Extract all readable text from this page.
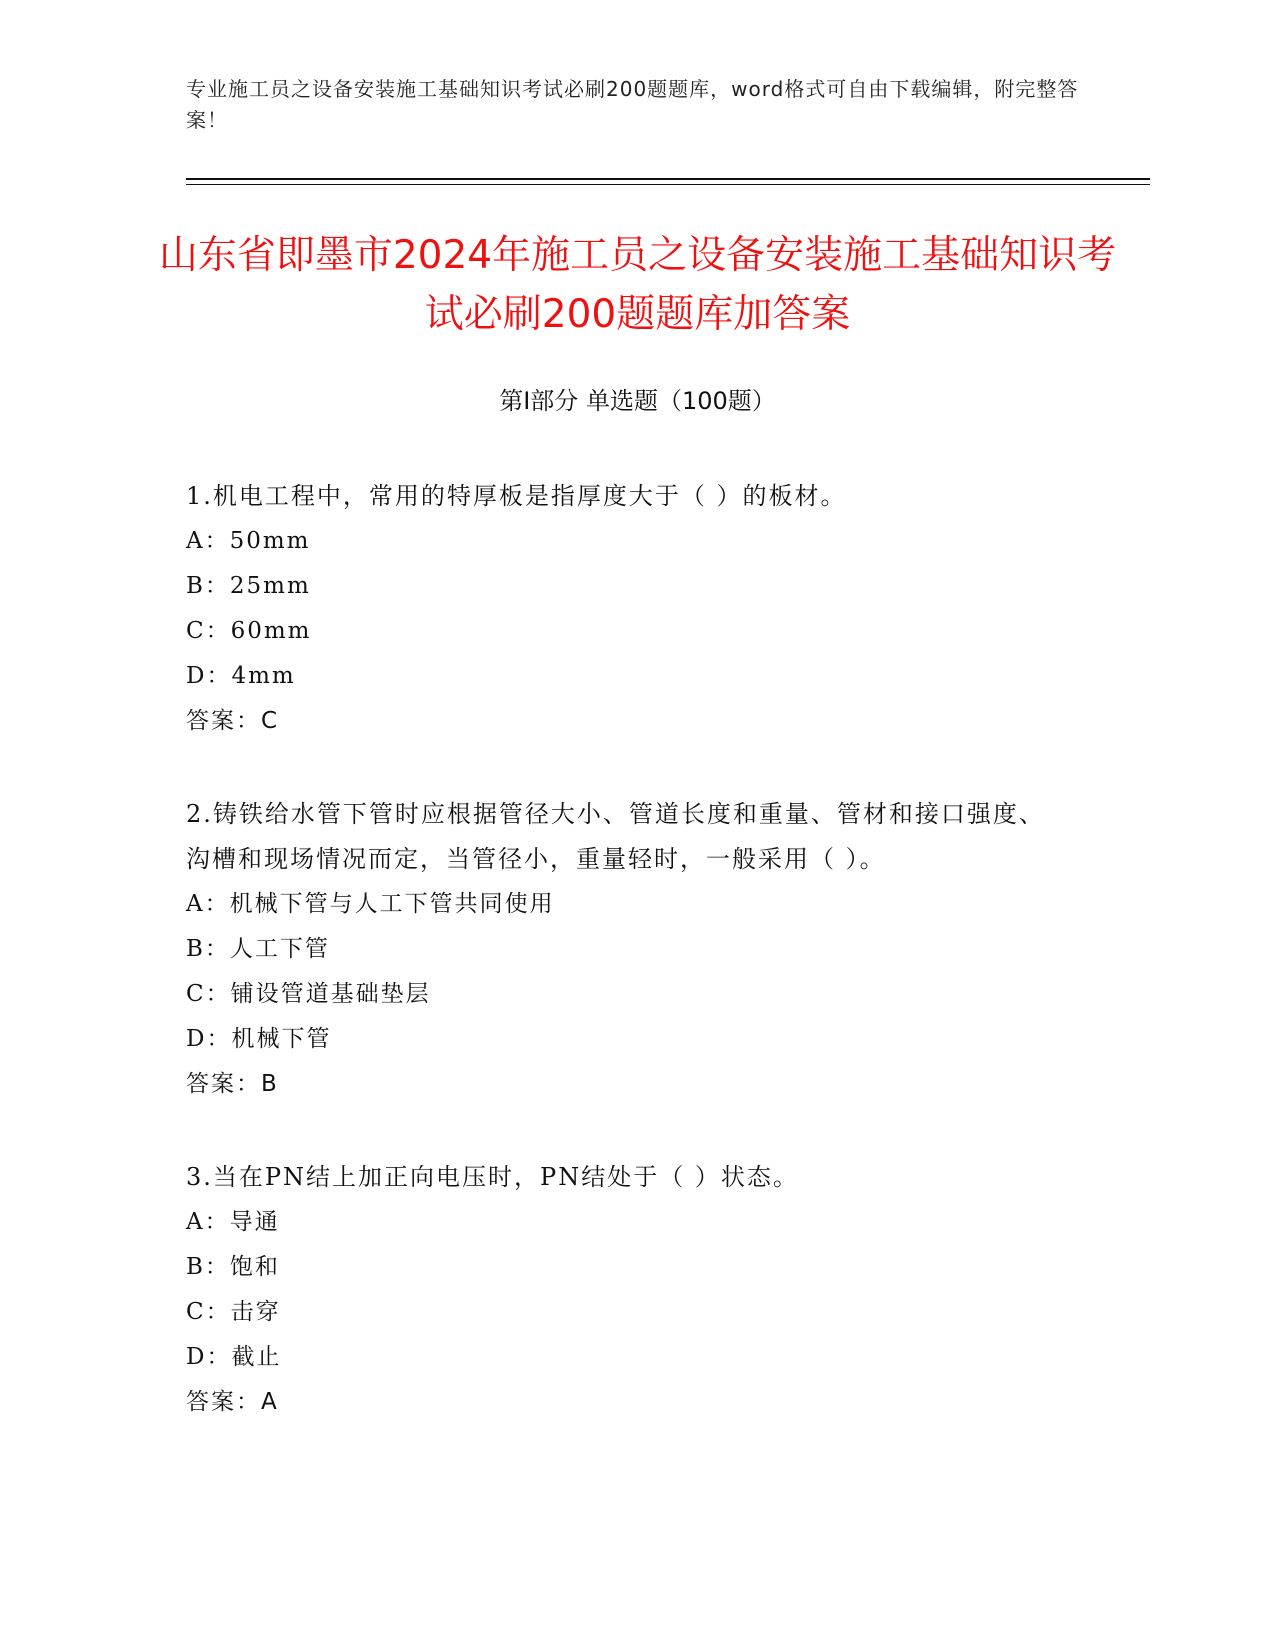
专业施工员之设备安装施工基础知识考试必刷200题题库，word格式可自由下载编辑，附完整答案！
山东省即墨市2024年施工员之设备安装施工基础知识考试必刷200题题库加答案
第Ⅰ部分 单选题（100题）

1.机电工程中，常用的特厚板是指厚度大于（ ）的板材。

A：50mm

B：25mm

C：60mm

D：4mm

答案：C

2.铸铁给水管下管时应根据管径大小、管道长度和重量、管材和接口强度、沟槽和现场情况而定，当管径小，重量轻时，一般采用（ ）。

A：机械下管与人工下管共同使用

B：人工下管

C：铺设管道基础垫层

D：机械下管

答案：B

3.当在PN结上加正向电压时，PN结处于（ ）状态。

A：导通

B：饱和

C：击穿

D：截止

答案：A
